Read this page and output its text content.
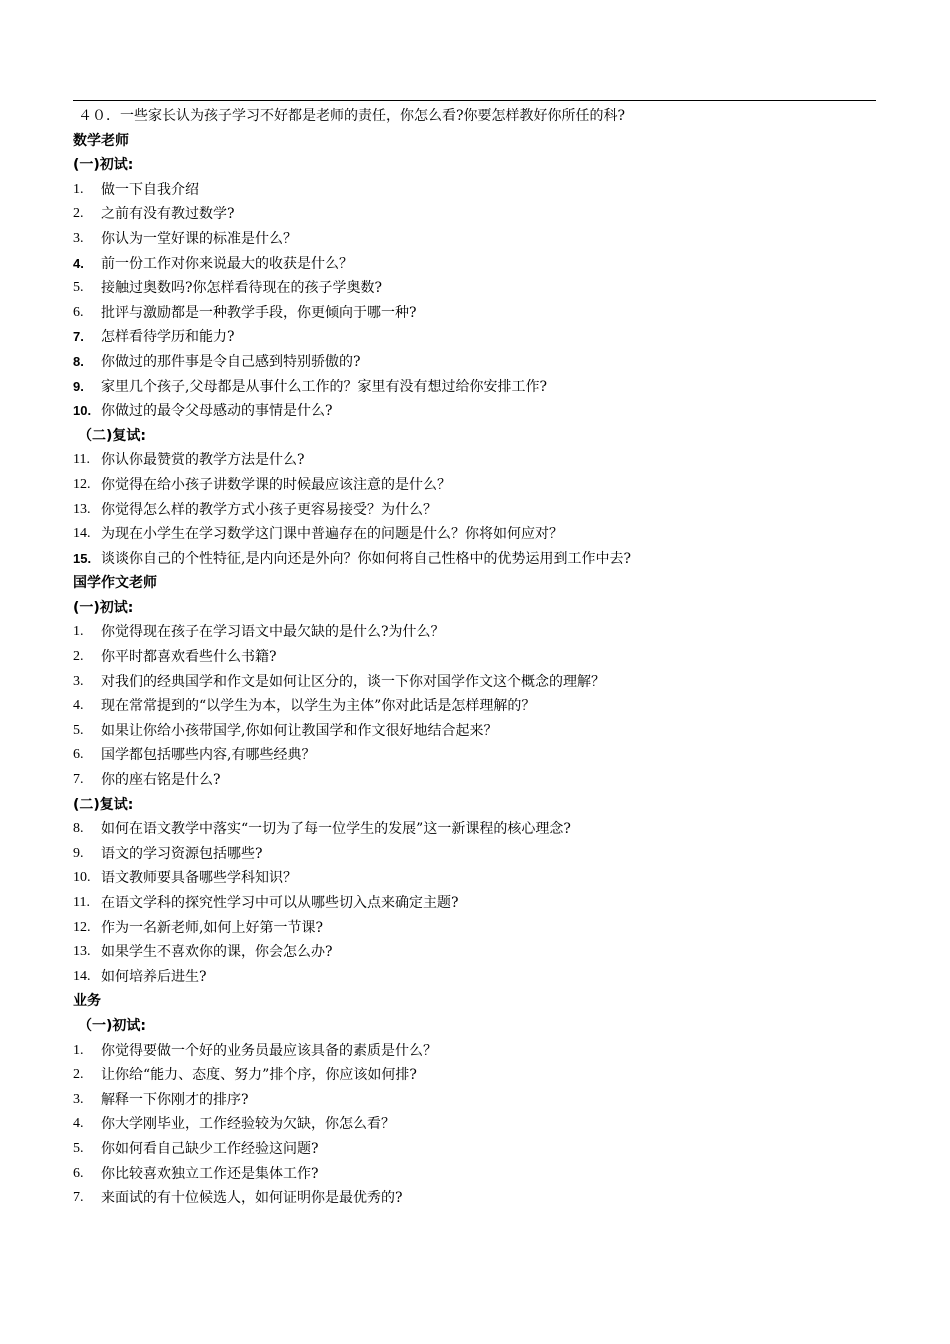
４０．一些家长认为孩子学习不好都是老师的责任，你怎么看?你要怎样教好你所任的科?
数学老师
(一)初试:
1.	做一下自我介绍
2.	之前有没有教过数学?
3.	你认为一堂好课的标准是什么？
4.	前一份工作对你来说最大的收获是什么？
5.	接触过奥数吗?你怎样看待现在的孩子学奥数?
6.	批评与激励都是一种教学手段，你更倾向于哪一种?
7.	怎样看待学历和能力?
8.	你做过的那件事是令自己感到特别骄傲的?
9.	家里几个孩子,父母都是从事什么工作的？家里有没有想过给你安排工作?
10. 你做过的最令父母感动的事情是什么?
（二)复试:
11. 你认你最赞赏的教学方法是什么?
12. 你觉得在给小孩子讲数学课的时候最应该注意的是什么？
13. 你觉得怎么样的教学方式小孩子更容易接受？为什么？
14. 为现在小学生在学习数学这门课中普遍存在的问题是什么？你将如何应对？
15. 谈谈你自己的个性特征,是内向还是外向？你如何将自己性格中的优势运用到工作中去?
国学作文老师
(一)初试:
1.	你觉得现在孩子在学习语文中最欠缺的是什么?为什么？
2.	你平时都喜欢看些什么书籍?
3.	对我们的经典国学和作文是如何让区分的，谈一下你对国学作文这个概念的理解？
4.	现在常常提到的“以学生为本，以学生为主体”你对此话是怎样理解的？
5.	如果让你给小孩带国学,你如何让教国学和作文很好地结合起来？
6.	国学都包括哪些内容,有哪些经典？
7.	你的座右铭是什么?
(二)复试:
8.	如何在语文教学中落实“一切为了每一位学生的发展”这一新课程的核心理念?
9.	语文的学习资源包括哪些?
10. 语文教师要具备哪些学科知识？
11. 在语文学科的探究性学习中可以从哪些切入点来确定主题?
12. 作为一名新老师,如何上好第一节课?
13. 如果学生不喜欢你的课，你会怎么办?
14. 如何培养后进生?
业务
（一)初试:
1.	你觉得要做一个好的业务员最应该具备的素质是什么？
2.	让你给“能力、态度、努力”排个序，你应该如何排?
3.	解释一下你刚才的排序?
4.	你大学刚毕业，工作经验较为欠缺，你怎么看？
5.	你如何看自己缺少工作经验这问题?
6.	你比较喜欢独立工作还是集体工作?
7.	来面试的有十位候选人，如何证明你是最优秀的?
